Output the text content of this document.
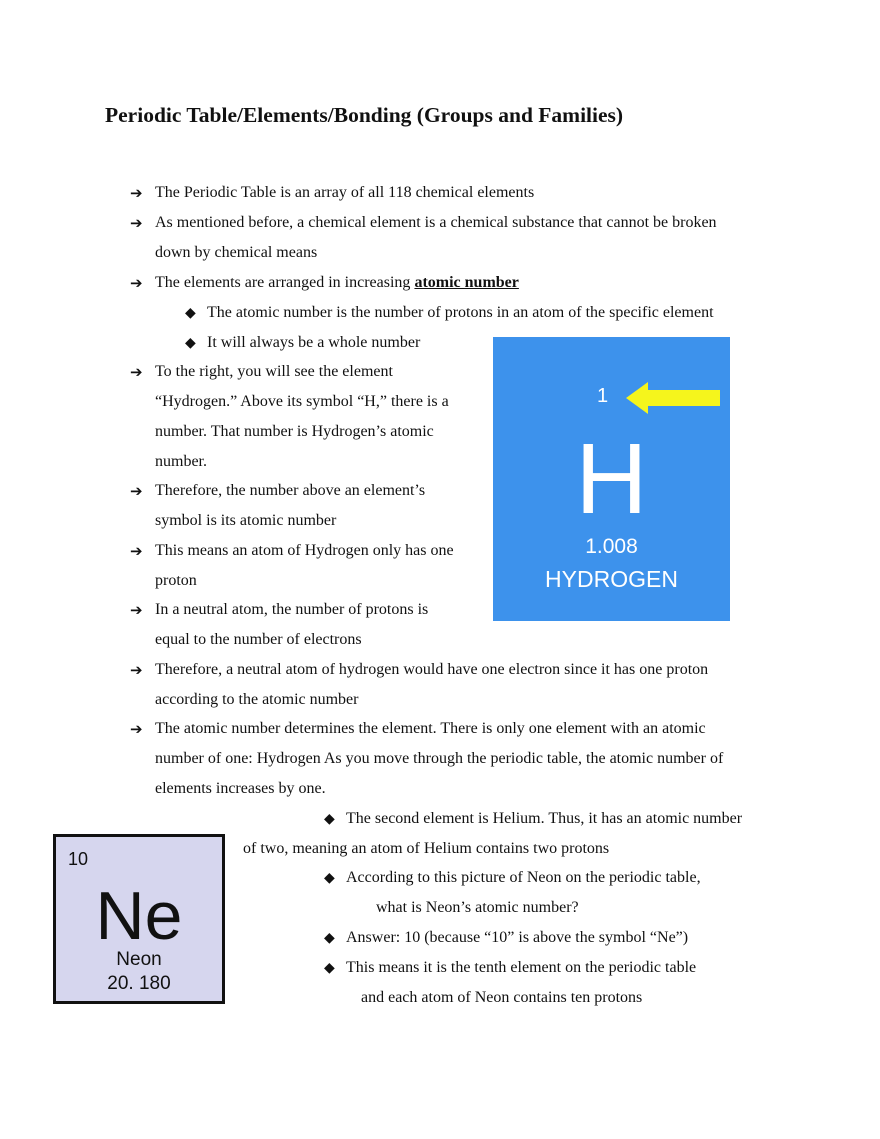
Periodic Table/Elements/Bonding (Groups and Families)
➔ The Periodic Table is an array of all 118 chemical elements
➔ As mentioned before, a chemical element is a chemical substance that cannot be broken
down by chemical means
➔ The elements are arranged in increasing atomic number
◆ The atomic number is the number of protons in an atom of the specific element
◆ It will always be a whole number
➔ To the right, you will see the element
“Hydrogen.” Above its symbol “H,” there is a
number. That number is Hydrogen’s atomic
number.
➔ Therefore, the number above an element’s
symbol is its atomic number
➔ This means an atom of Hydrogen only has one
proton
➔ In a neutral atom, the number of protons is
equal to the number of electrons
➔ Therefore, a neutral atom of hydrogen would have one electron since it has one proton
according to the atomic number
➔ The atomic number determines the element. There is only one element with an atomic
number of one: Hydrogen As you move through the periodic table, the atomic number of
elements increases by one.
◆ The second element is Helium. Thus, it has an atomic number
of two, meaning an atom of Helium contains two protons
◆ According to this picture of Neon on the periodic table,
what is Neon’s atomic number?
◆ Answer: 10 (because “10” is above the symbol “Ne”)
◆ This means it is the tenth element on the periodic table
and each atom of Neon contains ten protons
1
H
1.008
HYDROGEN
10
Ne
Neon
20. 180
